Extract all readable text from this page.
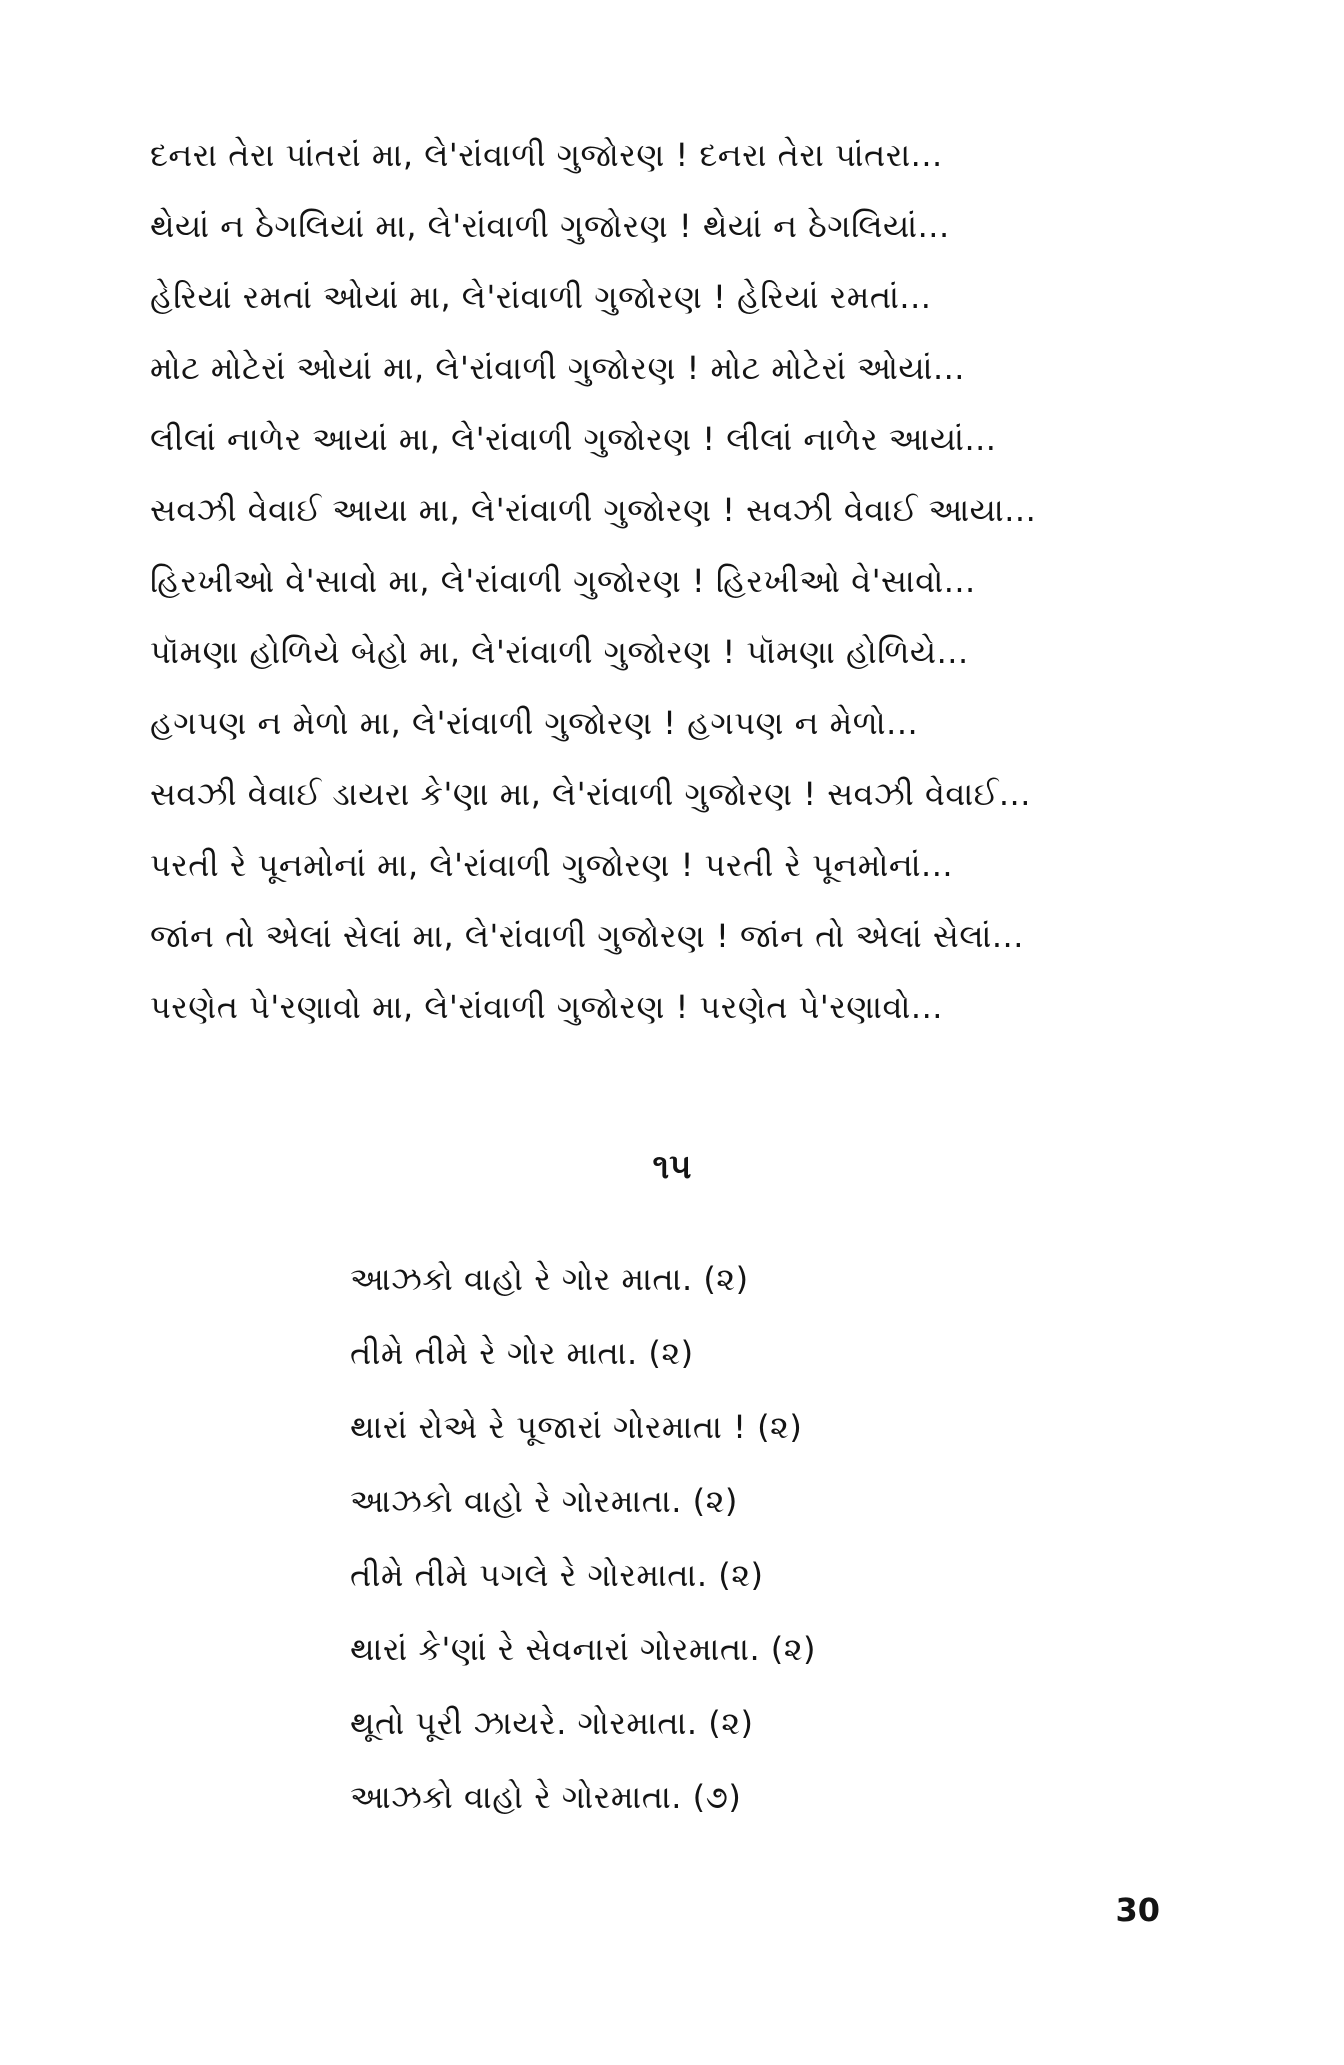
દનરા તેરા પાંતરાં મા, લે'રાંવાળી ગુજોરણ ! દનરા તેરા પાંતરા...
થેયાં ન ઠેગલિયાં મા, લે'રાંવાળી ગુજોરણ ! થેયાં ન ઠેગલિયાં...
હેરિયાં રમતાં ઓયાં મા, લે'રાંવાળી ગુજોરણ ! હેરિયાં રમતાં...
મોટ મોટેરાં ઓયાં મા, લે'રાંવાળી ગુજોરણ ! મોટ મોટેરાં ઓયાં...
લીલાં નાળેર આયાં મા, લે'રાંવાળી ગુજોરણ ! લીલાં નાળેર આયાં...
સવઝી વેવાઈ આયા મા, લે'રાંવાળી ગુજોરણ ! સવઝી વેવાઈ આયા...
હિરખીઓ વે'સાવો મા, લે'રાંવાળી ગુજોરણ ! હિરખીઓ વે'સાવો...
પૉમણા હોળિયે બેહો મા, લે'રાંવાળી ગુજોરણ ! પૉમણા હોળિયે...
હગપણ ન મેળો મા, લે'રાંવાળી ગુજોરણ ! હગપણ ન મેળો...
સવઝી વેવાઈ ડાયરા કે'ણા મા, લે'રાંવાળી ગુજોરણ ! સવઝી વેવાઈ...
પરતી રે પૂનમોનાં મા, લે'રાંવાળી ગુજોરણ ! પરતી રે પૂનમોનાં...
જાંન તો એલાં સેલાં મા, લે'રાંવાળી ગુજોરણ ! જાંન તો એલાં સેલાં...
પરણેત પે'રણાવો મા, લે'રાંવાળી ગુજોરણ ! પરણેત પે'રણાવો...
૧૫
આઝકો વાહો રે ગોર માતા. (૨)
તીમે તીમે રે ગોર માતા. (૨)
થારાં રોએ રે પૂજારાં ગોરમાતા ! (૨)
આઝકો વાહો રે ગોરમાતા. (૨)
તીમે તીમે પગલે રે ગોરમાતા. (૨)
થારાં કે'ણાં રે સેવનારાં ગોરમાતા. (૨)
થૂતો પૂરી ઝાયરે. ગોરમાતા. (૨)
આઝકો વાહો રે ગોરમાતા. (૭)
30
